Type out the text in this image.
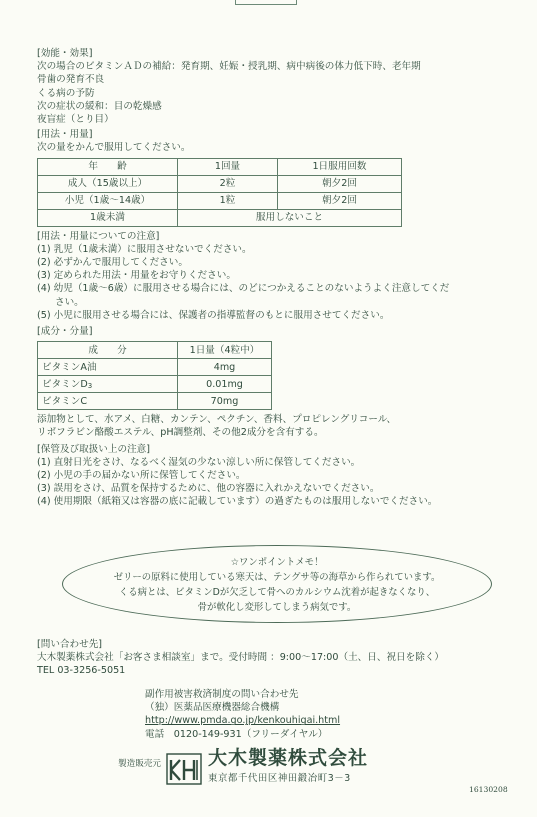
[効能・効果]
次の場合のビタミンＡＤの補給：発育期、妊娠・授乳期、病中病後の体力低下時、老年期
骨歯の発育不良
くる病の予防
次の症状の緩和：目の乾燥感
夜盲症（とり目）
[用法・用量]
次の量をかんで服用してください。
年　　齢	1回量	1日服用回数
成人（15歳以上）	2粒	朝夕2回
小児（1歳～14歳）	1粒	朝夕2回
1歳未満	服用しないこと	
[用法・用量についての注意]
(1) 乳児（1歳未満）に服用させないでください。
(2) 必ずかんで服用してください。
(3) 定められた用法・用量をお守りください。
(4) 幼児（1歳～6歳）に服用させる場合には、のどにつかえることのないようよく注意してくだ
さい。
(5) 小児に服用させる場合には、保護者の指導監督のもとに服用させてください。
[成分・分量]
成　　分	1日量（4粒中）
ビタミンA油	4mg
ビタミン$D_3$	0.01mg
ビタミンC	70mg
添加物として、水アメ、白糖、カンテン、ペクチン、香料、プロピレングリコール、
リボフラビン酪酸エステル、pH調整剤、その他2成分を含有する。
[保管及び取扱い上の注意]
(1) 直射日光をさけ、なるべく湿気の少ない涼しい所に保管してください。
(2) 小児の手の届かない所に保管してください。
(3) 誤用をさけ、品質を保持するために、他の容器に入れかえないでください。
(4) 使用期限（紙箱又は容器の底に記載しています）の過ぎたものは服用しないでください。
☆ワンポイントメモ！
ゼリーの原料に使用している寒天は、テングサ等の海草から作られています。
くる病とは、ビタミンDが欠乏して骨へのカルシウム沈着が起きなくなり、
骨が軟化し変形してしまう病気です。
[問い合わせ先]
大木製薬株式会社「お客さま相談室」まで。受付時間 ：9:00～17:00（土、日、祝日を除く）
TEL 03-3256-5051
副作用被害救済制度の問い合わせ先
（独）医薬品医療機器総合機構
http://www.pmda.go.jp/kenkouhigai.html
電話　0120-149-931（フリーダイヤル）
製造販売元 大木製薬株式会社
東京都千代田区神田鍛冶町3－3
16130208
